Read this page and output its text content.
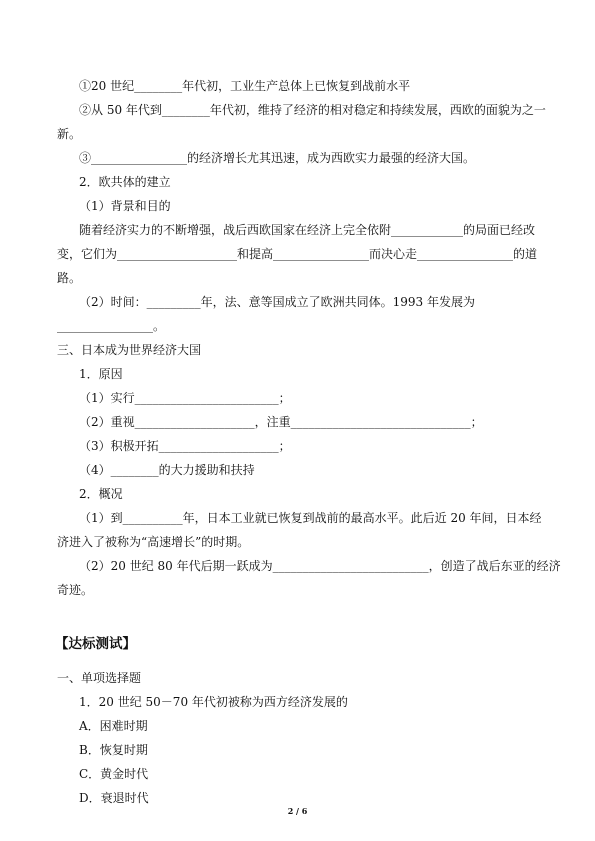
①20 世纪________年代初，工业生产总体上已恢复到战前水平
②从 50 年代到________年代初，维持了经济的相对稳定和持续发展，西欧的面貌为之一
新。
③________________的经济增长尤其迅速，成为西欧实力最强的经济大国。
2．欧共体的建立
（1）背景和目的
随着经济实力的不断增强，战后西欧国家在经济上完全依附____________的局面已经改
变，它们为____________________和提高________________而决心走________________的道
路。
（2）时间：_________年，法、意等国成立了欧洲共同体。1993 年发展为
________________。
三、日本成为世界经济大国
1．原因
（1）实行________________________；
（2）重视____________________，注重______________________________；
（3）积极开拓____________________；
（4）________的大力援助和扶持
2．概况
（1）到__________年，日本工业就已恢复到战前的最高水平。此后近 20 年间，日本经
济进入了被称为“高速增长”的时期。
（2）20 世纪 80 年代后期一跃成为__________________________，创造了战后东亚的经济
奇迹。
【达标测试】
一、单项选择题
1．20 世纪 50－70 年代初被称为西方经济发展的
A．困难时期
B．恢复时期
C．黄金时代
D．衰退时代
2 / 6
